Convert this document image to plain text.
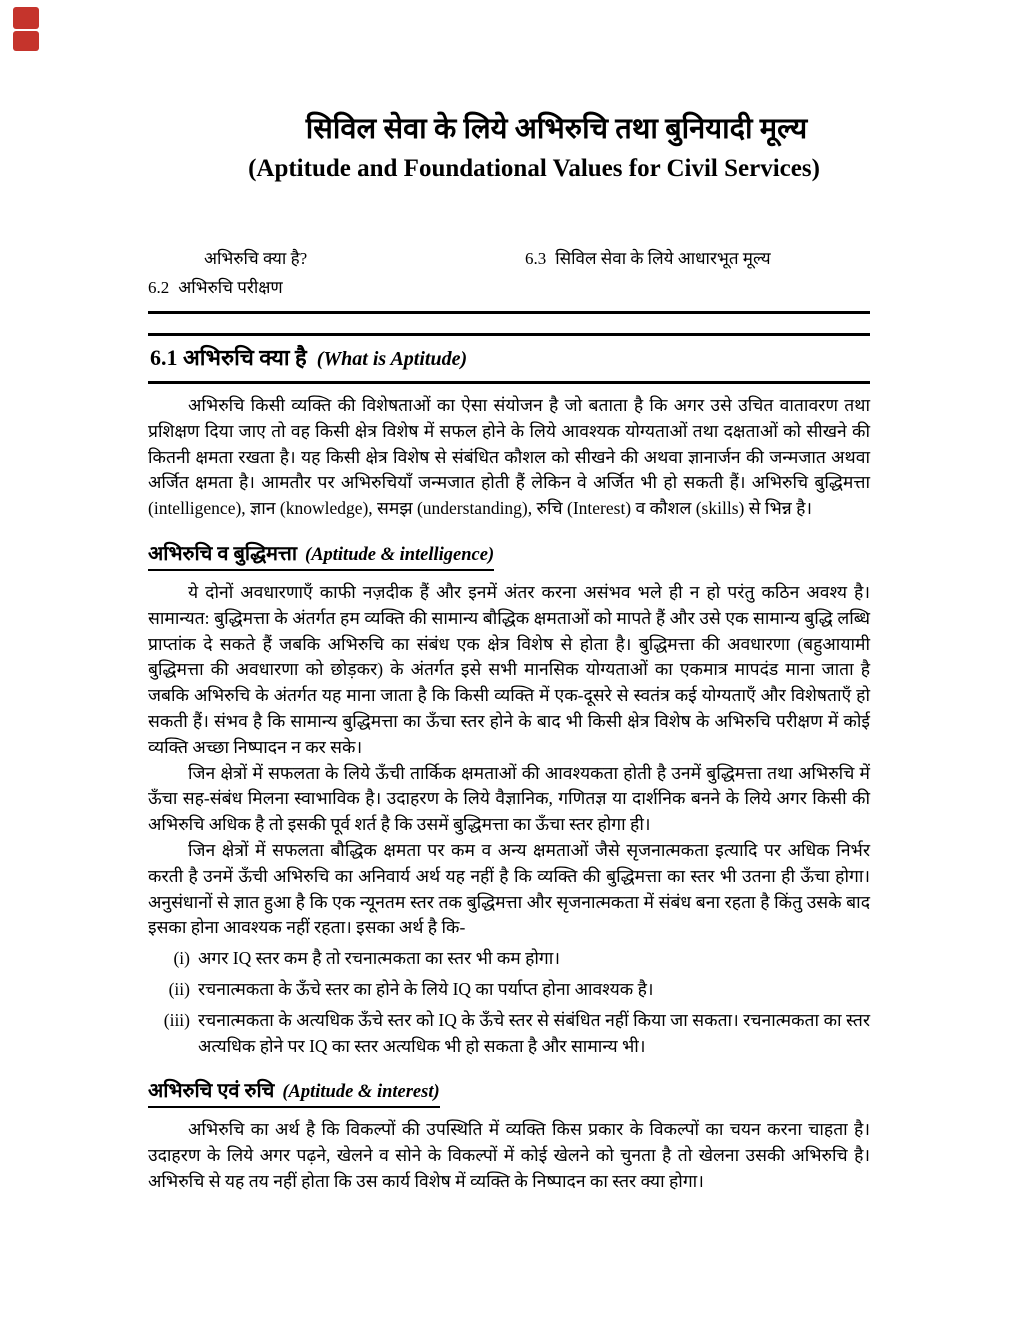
सिविल सेवा के लिये अभिरुचि तथा बुनियादी मूल्य
(Aptitude and Foundational Values for Civil Services)
अभिरुचि क्या है?	6.3 सिविल सेवा के लिये आधारभूत मूल्य
6.2 अभिरुचि परीक्षण
6.1 अभिरुचि क्या है (What is Aptitude)

अभिरुचि किसी व्यक्ति की विशेषताओं का ऐसा संयोजन है जो बताता है कि अगर उसे उचित वातावरण तथा प्रशिक्षण दिया जाए तो वह किसी क्षेत्र विशेष में सफल होने के लिये आवश्यक योग्यताओं तथा दक्षताओं को सीखने की कितनी क्षमता रखता है। यह किसी क्षेत्र विशेष से संबंधित कौशल को सीखने की अथवा ज्ञानार्जन की जन्मजात अथवा अर्जित क्षमता है। आमतौर पर अभिरुचियाँ जन्मजात होती हैं लेकिन वे अर्जित भी हो सकती हैं। अभिरुचि बुद्धिमत्ता (intelligence), ज्ञान (knowledge), समझ (understanding), रुचि (Interest) व कौशल (skills) से भिन्न है।

अभिरुचि व बुद्धिमत्ता (Aptitude & intelligence)

ये दोनों अवधारणाएँ काफी नज़दीक हैं और इनमें अंतर करना असंभव भले ही न हो परंतु कठिन अवश्य है। सामान्यत: बुद्धिमत्ता के अंतर्गत हम व्यक्ति की सामान्य बौद्धिक क्षमताओं को मापते हैं और उसे एक सामान्य बुद्धि लब्धि प्राप्तांक दे सकते हैं जबकि अभिरुचि का संबंध एक क्षेत्र विशेष से होता है। बुद्धिमत्ता की अवधारणा (बहुआयामी बुद्धिमत्ता की अवधारणा को छोड़कर) के अंतर्गत इसे सभी मानसिक योग्यताओं का एकमात्र मापदंड माना जाता है जबकि अभिरुचि के अंतर्गत यह माना जाता है कि किसी व्यक्ति में एक-दूसरे से स्वतंत्र कई योग्यताएँ और विशेषताएँ हो सकती हैं। संभव है कि सामान्य बुद्धिमत्ता का ऊँचा स्तर होने के बाद भी किसी क्षेत्र विशेष के अभिरुचि परीक्षण में कोई व्यक्ति अच्छा निष्पादन न कर सके।

जिन क्षेत्रों में सफलता के लिये ऊँची तार्किक क्षमताओं की आवश्यकता होती है उनमें बुद्धिमत्ता तथा अभिरुचि में ऊँचा सह-संबंध मिलना स्वाभाविक है। उदाहरण के लिये वैज्ञानिक, गणितज्ञ या दार्शनिक बनने के लिये अगर किसी की अभिरुचि अधिक है तो इसकी पूर्व शर्त है कि उसमें बुद्धिमत्ता का ऊँचा स्तर होगा ही।

जिन क्षेत्रों में सफलता बौद्धिक क्षमता पर कम व अन्य क्षमताओं जैसे सृजनात्मकता इत्यादि पर अधिक निर्भर करती है उनमें ऊँची अभिरुचि का अनिवार्य अर्थ यह नहीं है कि व्यक्ति की बुद्धिमत्ता का स्तर भी उतना ही ऊँचा होगा। अनुसंधानों से ज्ञात हुआ है कि एक न्यूनतम स्तर तक बुद्धिमत्ता और सृजनात्मकता में संबंध बना रहता है किंतु उसके बाद इसका होना आवश्यक नहीं रहता। इसका अर्थ है कि-

(i) अगर IQ स्तर कम है तो रचनात्मकता का स्तर भी कम होगा।
(ii) रचनात्मकता के ऊँचे स्तर का होने के लिये IQ का पर्याप्त होना आवश्यक है।
(iii) रचनात्मकता के अत्यधिक ऊँचे स्तर को IQ के ऊँचे स्तर से संबंधित नहीं किया जा सकता। रचनात्मकता का स्तर अत्यधिक होने पर IQ का स्तर अत्यधिक भी हो सकता है और सामान्य भी।
अभिरुचि एवं रुचि (Aptitude & interest)

अभिरुचि का अर्थ है कि विकल्पों की उपस्थिति में व्यक्ति किस प्रकार के विकल्पों का चयन करना चाहता है। उदाहरण के लिये अगर पढ़ने, खेलने व सोने के विकल्पों में कोई खेलने को चुनता है तो खेलना उसकी अभिरुचि है। अभिरुचि से यह तय नहीं होता कि उस कार्य विशेष में व्यक्ति के निष्पादन का स्तर क्या होगा।
